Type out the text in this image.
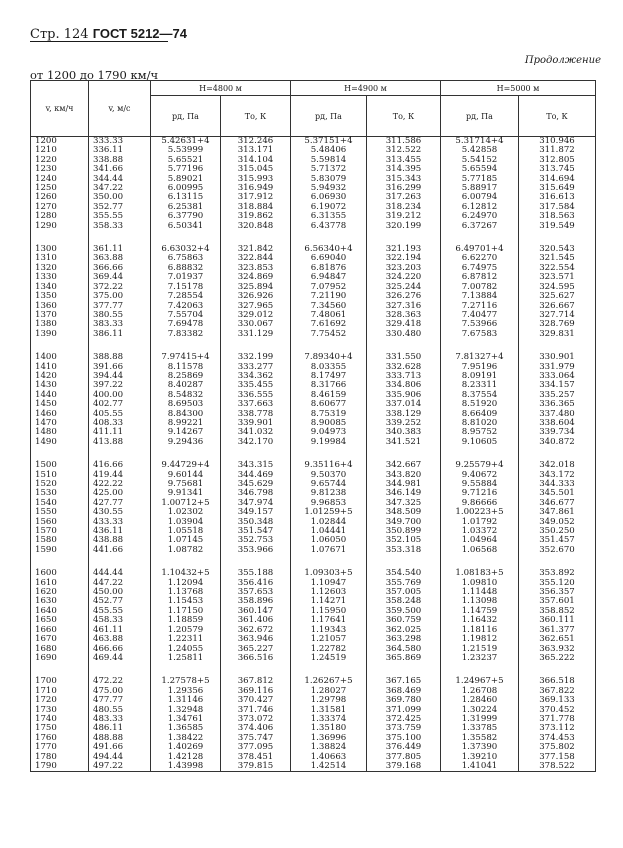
Стр. 124 ГОСТ 5212—74
Продолжение
от 1200 до 1790 км/ч
v, км/ч	v, м/с	H=4800 м		H=4900 м		H=5000 м	
		pд, Па	Tо, К	pд, Па	Tо, К	pд, Па	Tо, К
1200	333.33	5.42631+4	312.246	5.37151+4	311.586	5.31714+4	310.946
1210	336.11	5.53999	313.171	5.48406	312.522	5.42858	311.872
1220	338.88	5.65521	314.104	5.59814	313.455	5.54152	312.805
1230	341.66	5.77196	315.045	5.71372	314.395	5.65594	313.745
1240	344.44	5.89021	315.993	5.83079	315.343	5.77185	314.694
1250	347.22	6.00995	316.949	5.94932	316.299	5.88917	315.649
1260	350.00	6.13115	317.912	6.06930	317.263	6.00794	316.613
1270	352.77	6.25381	318.884	6.19072	318.234	6.12812	317.584
1280	355.55	6.37790	319.862	6.31355	319.212	6.24970	318.563
1290	358.33	6.50341	320.848	6.43778	320.199	6.37267	319.549

1300	361.11	6.63032+4	321.842	6.56340+4	321.193	6.49701+4	320.543
1310	363.88	6.75863	322.844	6.69040	322.194	6.62270	321.545
1320	366.66	6.88832	323.853	6.81876	323.203	6.74975	322.554
1330	369.44	7.01937	324.869	6.94847	324.220	6.87812	323.571
1340	372.22	7.15178	325.894	7.07952	325.244	7.00782	324.595
1350	375.00	7.28554	326.926	7.21190	326.276	7.13884	325.627
1360	377.77	7.42063	327.965	7.34560	327.316	7.27116	326.667
1370	380.55	7.55704	329.012	7.48061	328.363	7.40477	327.714
1380	383.33	7.69478	330.067	7.61692	329.418	7.53966	328.769
1390	386.11	7.83382	331.129	7.75452	330.480	7.67583	329.831

1400	388.88	7.97415+4	332.199	7.89340+4	331.550	7.81327+4	330.901
1410	391.66	8.11578	333.277	8.03355	332.628	7.95196	331.979
1420	394.44	8.25869	334.362	8.17497	333.713	8.09191	333.064
1430	397.22	8.40287	335.455	8.31766	334.806	8.23311	334.157
1440	400.00	8.54832	336.555	8.46159	335.906	8.37554	335.257
1450	402.77	8.69503	337.663	8.60677	337.014	8.51920	336.365
1460	405.55	8.84300	338.778	8.75319	338.129	8.66409	337.480
1470	408.33	8.99221	339.901	8.90085	339.252	8.81020	338.604
1480	411.11	9.14267	341.032	9.04973	340.383	8.95752	339.734
1490	413.88	9.29436	342.170	9.19984	341.521	9.10605	340.872

1500	416.66	9.44729+4	343.315	9.35116+4	342.667	9.25579+4	342.018
1510	419.44	9.60144	344.469	9.50370	343.820	9.40672	343.172
1520	422.22	9.75681	345.629	9.65744	344.981	9.55884	344.333
1530	425.00	9.91341	346.798	9.81238	346.149	9.71216	345.501
1540	427.77	1.00712+5	347.974	9.96853	347.325	9.86666	346.677
1550	430.55	1.02302	349.157	1.01259+5	348.509	1.00223+5	347.861
1560	433.33	1.03904	350.348	1.02844	349.700	1.01792	349.052
1570	436.11	1.05518	351.547	1.04441	350.899	1.03372	350.250
1580	438.88	1.07145	352.753	1.06050	352.105	1.04964	351.457
1590	441.66	1.08782	353.966	1.07671	353.318	1.06568	352.670

1600	444.44	1.10432+5	355.188	1.09303+5	354.540	1.08183+5	353.892
1610	447.22	1.12094	356.416	1.10947	355.769	1.09810	355.120
1620	450.00	1.13768	357.653	1.12603	357.005	1.11448	356.357
1630	452.77	1.15453	358.896	1.14271	358.248	1.13098	357.601
1640	455.55	1.17150	360.147	1.15950	359.500	1.14759	358.852
1650	458.33	1.18859	361.406	1.17641	360.759	1.16432	360.111
1660	461.11	1.20579	362.672	1.19343	362.025	1.18116	361.377
1670	463.88	1.22311	363.946	1.21057	363.298	1.19812	362.651
1680	466.66	1.24055	365.227	1.22782	364.580	1.21519	363.932
1690	469.44	1.25811	366.516	1.24519	365.869	1.23237	365.222

1700	472.22	1.27578+5	367.812	1.26267+5	367.165	1.24967+5	366.518
1710	475.00	1.29356	369.116	1.28027	368.469	1.26708	367.822
1720	477.77	1.31146	370.427	1.29798	369.780	1.28460	369.133
1730	480.55	1.32948	371.746	1.31581	371.099	1.30224	370.452
1740	483.33	1.34761	373.072	1.33374	372.425	1.31999	371.778
1750	486.11	1.36585	374.406	1.35180	373.759	1.33785	373.112
1760	488.88	1.38422	375.747	1.36996	375.100	1.35582	374.453
1770	491.66	1.40269	377.095	1.38824	376.449	1.37390	375.802
1780	494.44	1.42128	378.451	1.40663	377.805	1.39210	377.158
1790	497.22	1.43998	379.815	1.42514	379.168	1.41041	378.522
